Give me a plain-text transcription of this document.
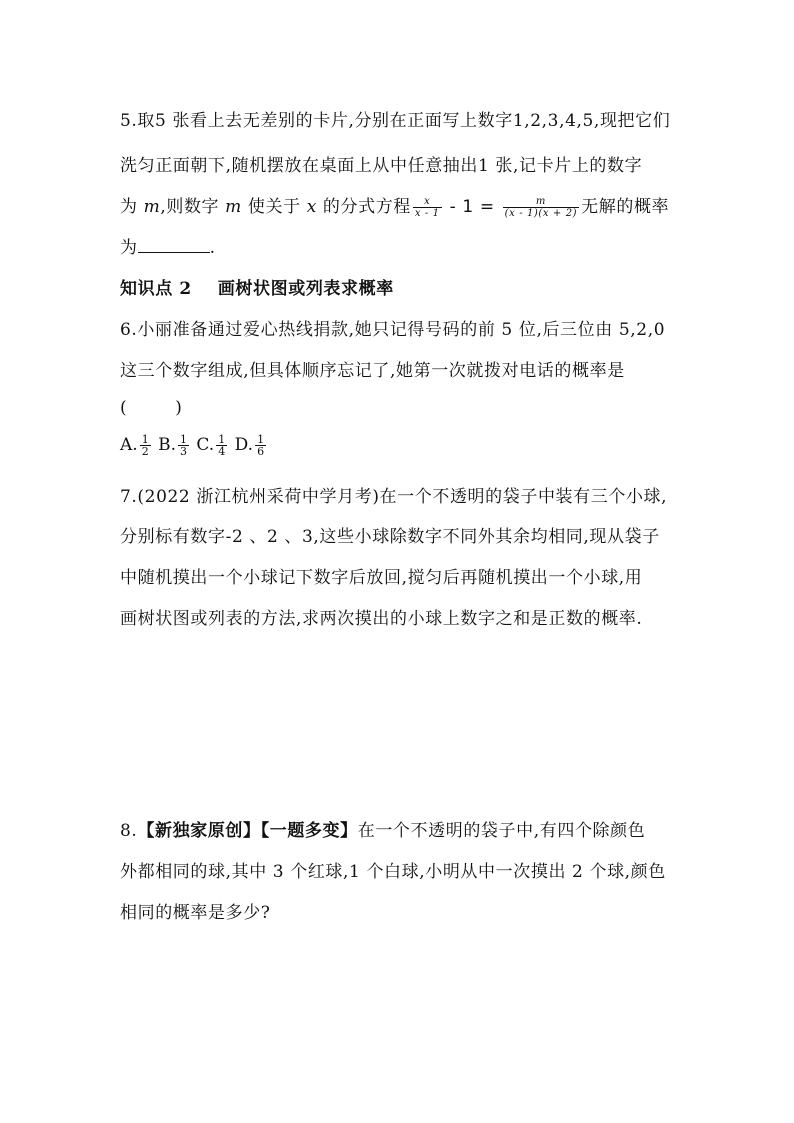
5.取5 张看上去无差别的卡片,分别在正面写上数字1,2,3,4,5,现把它们
洗匀正面朝下,随机摆放在桌面上从中任意抽出1 张,记卡片上的数字
为 m,则数字 m 使关于 x 的分式方程 $\frac{x}{x - 1} - 1 = \frac{m}{(x - 1)(x + 2)}$ 无解的概率
为	.
知识点 2    画树状图或列表求概率
6.小丽准备通过爱心热线捐款,她只记得号码的前 5 位,后三位由 5,2,0
这三个数字组成,但具体顺序忘记了,她第一次就拨对电话的概率是
(        )
A. $\frac{1}{2} B$. $\frac{1}{3} C$. $\frac{1}{4} D$. $\frac{1}{6}$
7.(2022 浙江杭州采荷中学月考)在一个不透明的袋子中装有三个小球,
分别标有数字-2 、2 、3,这些小球除数字不同外其余均相同,现从袋子
中随机摸出一个小球记下数字后放回,搅匀后再随机摸出一个小球,用
画树状图或列表的方法,求两次摸出的小球上数字之和是正数的概率.
8.【新独家原创】【一题多变】在一个不透明的袋子中,有四个除颜色
外都相同的球,其中 3 个红球,1 个白球,小明从中一次摸出 2 个球,颜色
相同的概率是多少?
